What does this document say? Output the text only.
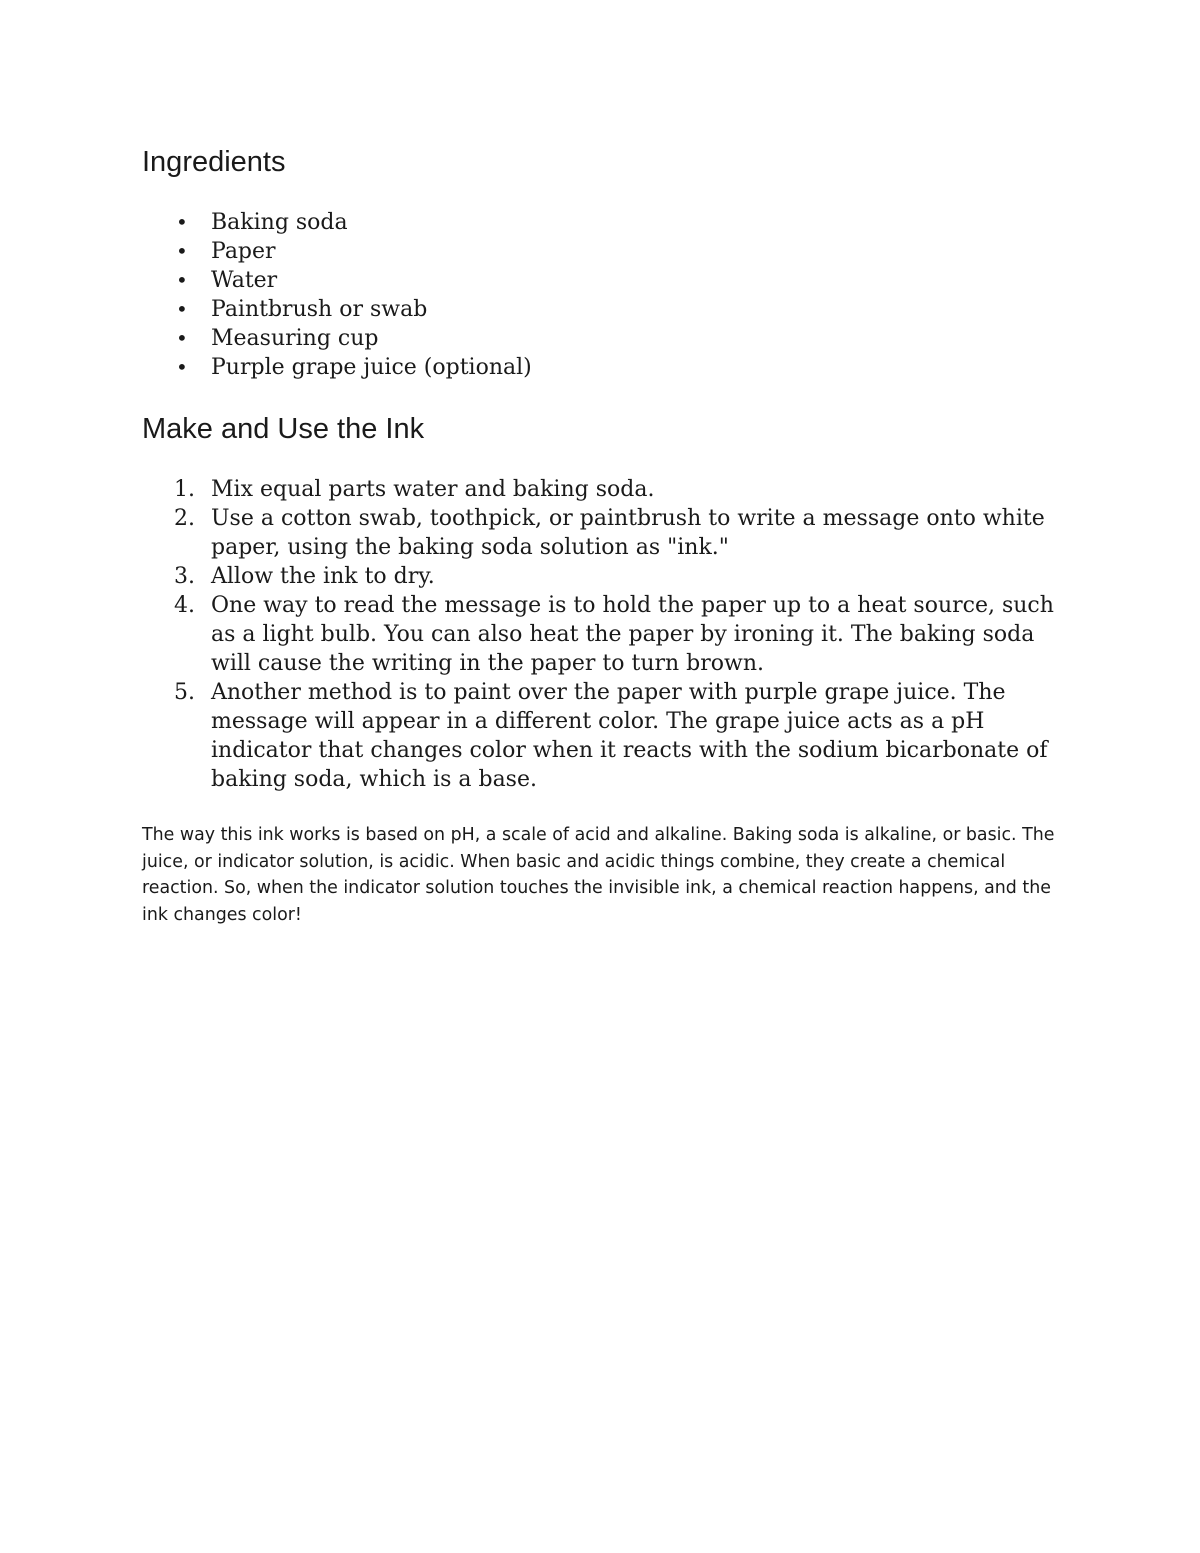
Ingredients
• Baking soda
• Paper
• Water
• Paintbrush or swab
• Measuring cup
• Purple grape juice (optional)
Make and Use the Ink
1. Mix equal parts water and baking soda.
2. Use a cotton swab, toothpick, or paintbrush to write a message onto white paper, using the baking soda solution as "ink."
3. Allow the ink to dry.
4. One way to read the message is to hold the paper up to a heat source, such as a light bulb. You can also heat the paper by ironing it. The baking soda will cause the writing in the paper to turn brown.
5. Another method is to paint over the paper with purple grape juice. The message will appear in a different color. The grape juice acts as a pH indicator that changes color when it reacts with the sodium bicarbonate of baking soda, which is a base.

The way this ink works is based on pH, a scale of acid and alkaline. Baking soda is alkaline, or basic. The juice, or indicator solution, is acidic. When basic and acidic things combine, they create a chemical reaction. So, when the indicator solution touches the invisible ink, a chemical reaction happens, and the ink changes color!
